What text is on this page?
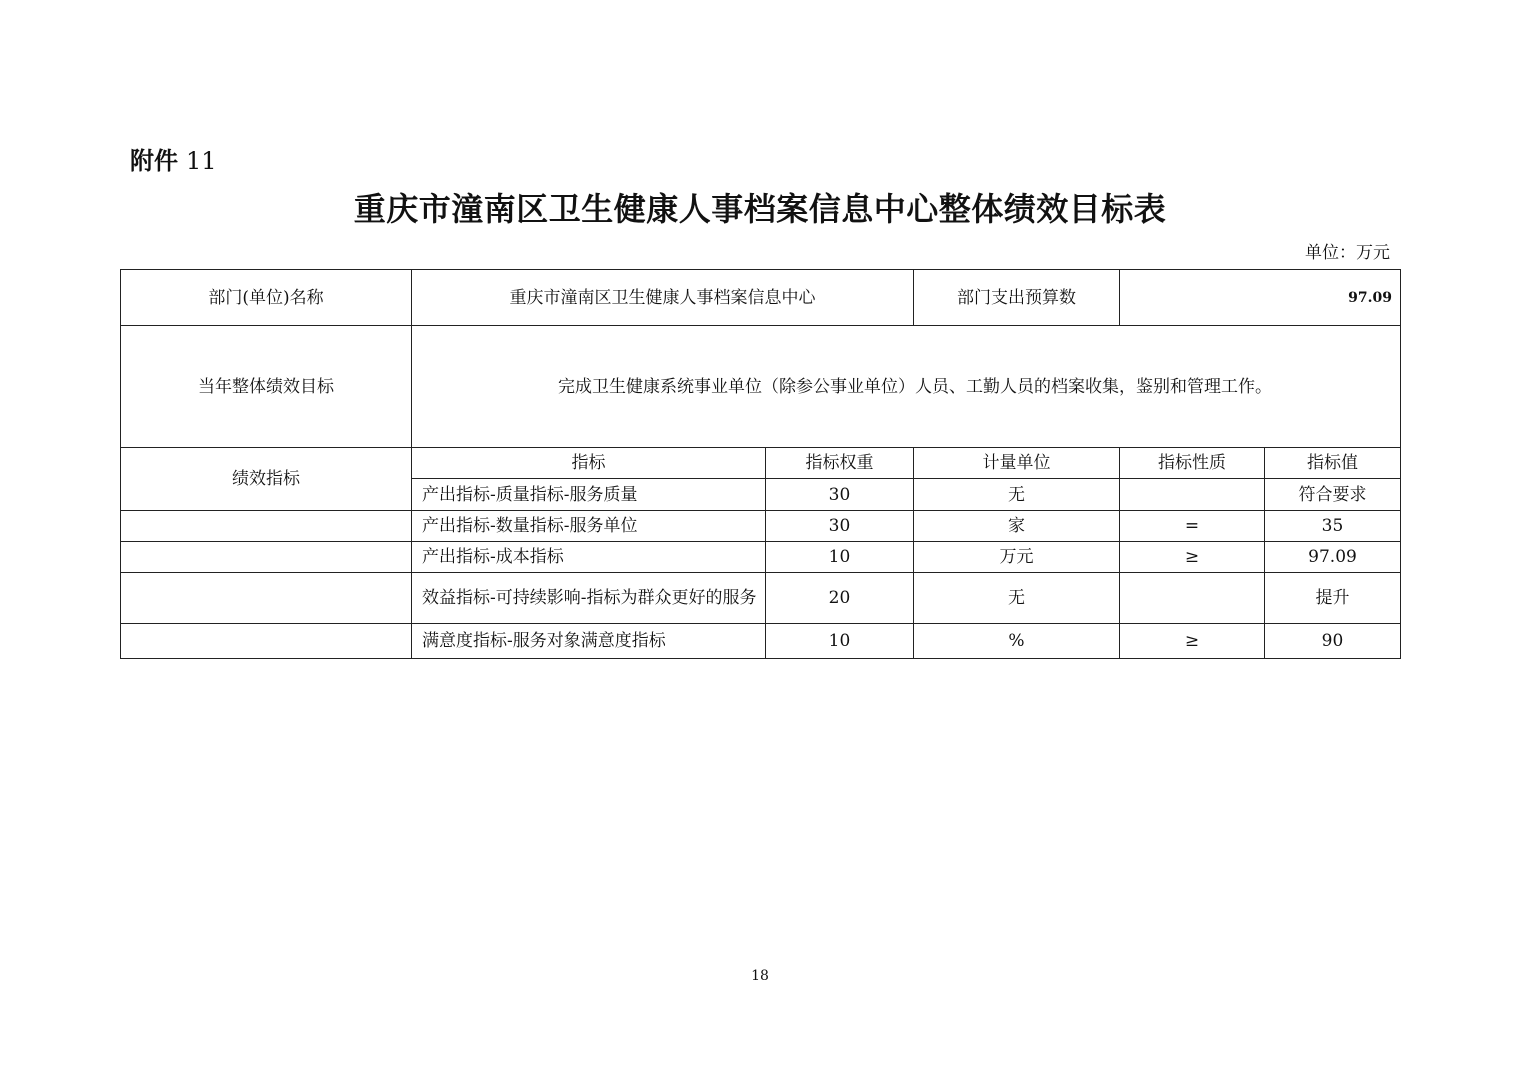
附件 11
重庆市潼南区卫生健康人事档案信息中心整体绩效目标表
单位：万元
部门(单位)名称	重庆市潼南区卫生健康人事档案信息中心		部门支出预算数	97.09	
当年整体绩效目标	完成卫生健康系统事业单位（除参公事业单位）人员、工勤人员的档案收集，鉴别和管理工作。				
绩效指标	指标	指标权重	计量单位	指标性质	指标值
	产出指标-质量指标-服务质量	30	无		符合要求
	产出指标-数量指标-服务单位	30	家	=	35
	产出指标-成本指标	10	万元	≥	97.09
	效益指标-可持续影响-指标为群众更好的服务	20	无		提升
	满意度指标-服务对象满意度指标	10	%	≥	90
18
